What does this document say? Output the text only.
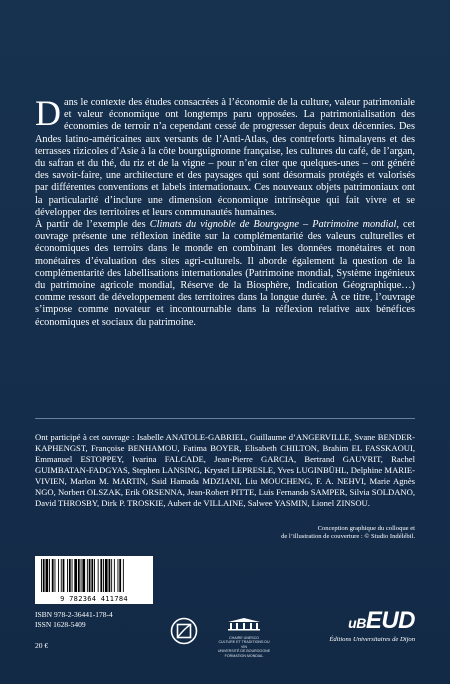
Dans le contexte des études consacrées à l’économie de la culture, valeur patrimoniale et valeur économique ont longtemps paru opposées. La patrimonialisation des économies de terroir n’a cependant cessé de progresser depuis deux décennies. Des Andes latino-américaines aux versants de l’Anti-Atlas, des contreforts himalayens et des terrasses rizicoles d’Asie à la côte bourguignonne française, les cultures du café, de l’argan, du safran et du thé, du riz et de la vigne – pour n’en citer que quelques-unes – ont généré des savoir-faire, une architecture et des paysages qui sont désormais protégés et valorisés par différentes conventions et labels internationaux. Ces nouveaux objets patrimoniaux ont la particularité d’inclure une dimension économique intrinsèque qui fait vivre et se développer des territoires et leurs communautés humaines.

À partir de l’exemple des Climats du vignoble de Bourgogne – Patrimoine mondial, cet ouvrage présente une réflexion inédite sur la complémentarité des valeurs culturelles et économiques des terroirs dans le monde en combinant les données monétaires et non monétaires d’évaluation des sites agri-culturels. Il aborde également la question de la complémentarité des labellisations internationales (Patrimoine mondial, Système ingénieux du patrimoine agricole mondial, Réserve de la Biosphère, Indication Géographique…) comme ressort de développement des territoires dans la longue durée. À ce titre, l’ouvrage s’impose comme novateur et incontournable dans la réflexion relative aux bénéfices économiques et sociaux du patrimoine.

Ont participé à cet ouvrage : Isabelle ANATOLE-GABRIEL, Guillaume d’ANGERVILLE, Svane BENDER-KAPHENGST, Françoise BENHAMOU, Fatima BOYER, Elisabeth CHILTON, Brahim EL FASSKAOUI, Emmanuel ESTOPPEY, Ivarina FALCADE, Jean-Pierre GARCIA, Bertrand GAUVRIT, Rachel GUIMBATAN-FADGYAS, Stephen LANSING, Krystel LEPRESLE, Yves LUGINBÜHL, Delphine MARIE-VIVIEN, Marlon M. MARTIN, Said Hamada MDZIANI, Liu MOUCHENG, F. A. NEHVI, Marie Agnès NGO, Norbert OLSZAK, Erik ORSENNA, Jean-Robert PITTE, Luis Fernando SAMPER, Silvia SOLDANO, David THROSBY, Dirk P. TROSKIE, Aubert de VILLAINE, Salwee YASMIN, Lionel ZINSOU.
Conception graphique du colloque et
de l’illustration de couverture : © Studio Indélébil.
9 782364 411784
ISBN 978-2-36441-178-4
ISSN 1628-5409
20 €
CHAIRE UNESCO
CULTURE ET TRADITIONS DU VIN
UNIVERSITÉ DE BOURGOGNE
FORMATION MONDIAL
uBEUD
Éditions Universitaires de Dijon
